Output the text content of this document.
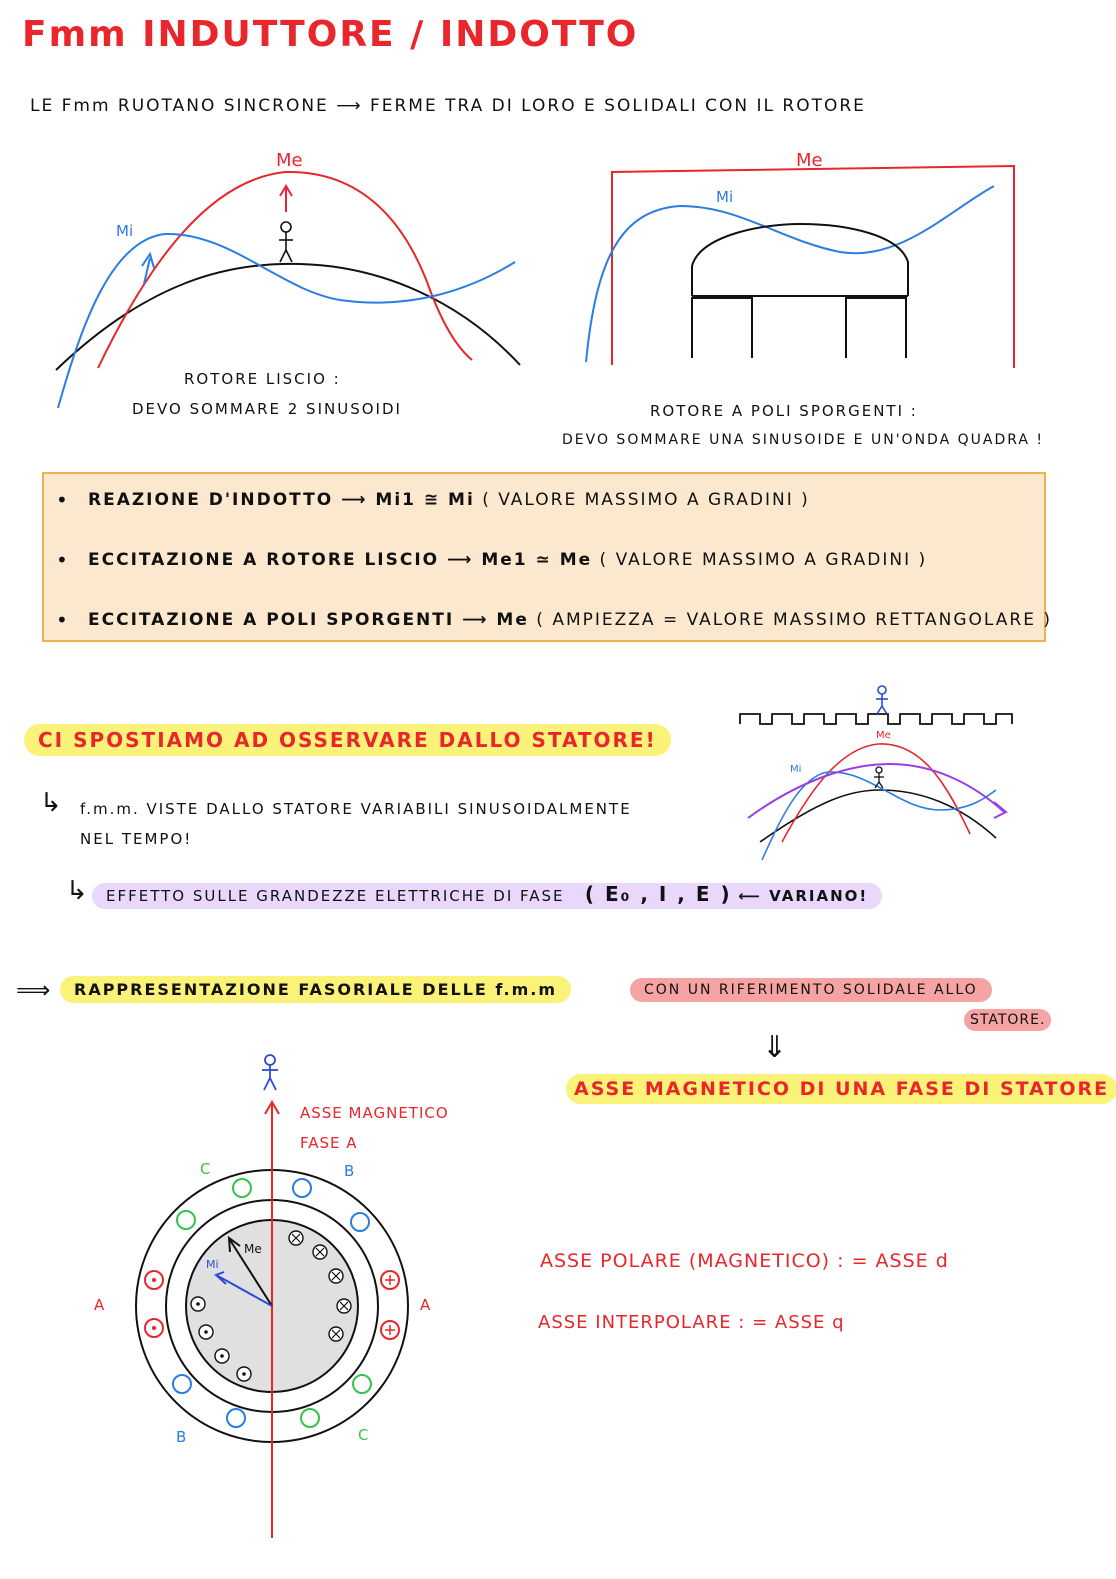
Fmm INDUTTORE / INDOTTO
LE Fmm RUOTANO SINCRONE ⟶ FERME TRA DI LORO E SOLIDALI CON IL ROTORE
Me
Mi
ROTORE LISCIO :
DEVO SOMMARE 2 SINUSOIDI
Me
Mi
ROTORE A POLI SPORGENTI :
DEVO SOMMARE UNA SINUSOIDE E UN'ONDA QUADRA !
• REAZIONE D'INDOTTO ⟶ Mi1 ≅ Mi ( VALORE MASSIMO A GRADINI )
• ECCITAZIONE A ROTORE LISCIO ⟶ Me1 ≃ Me ( VALORE MASSIMO A GRADINI )
• ECCITAZIONE A POLI SPORGENTI ⟶ Me ( AMPIEZZA = VALORE MASSIMO RETTANGOLARE )
CI SPOSTIAMO AD OSSERVARE DALLO STATORE!	Me
Mi
↳ f.m.m. VISTE DALLO STATORE VARIABILI SINUSOIDALMENTE
NEL TEMPO!
↳	EFFETTO SULLE GRANDEZZE ELETTRICHE DI FASE ( E₀ , I , E ) ⟵ VARIANO!
⟹	RAPPRESENTAZIONE FASORIALE DELLE f.m.m	CON UN RIFERIMENTO SOLIDALE ALLO
STATORE.
⇓
ASSE MAGNETICO DI UNA FASE DI STATORE
ASSE MAGNETICO
FASE A
C	B
A	A
B	C
Me
Mi	ASSE POLARE (MAGNETICO) : = ASSE d
ASSE INTERPOLARE : = ASSE q
